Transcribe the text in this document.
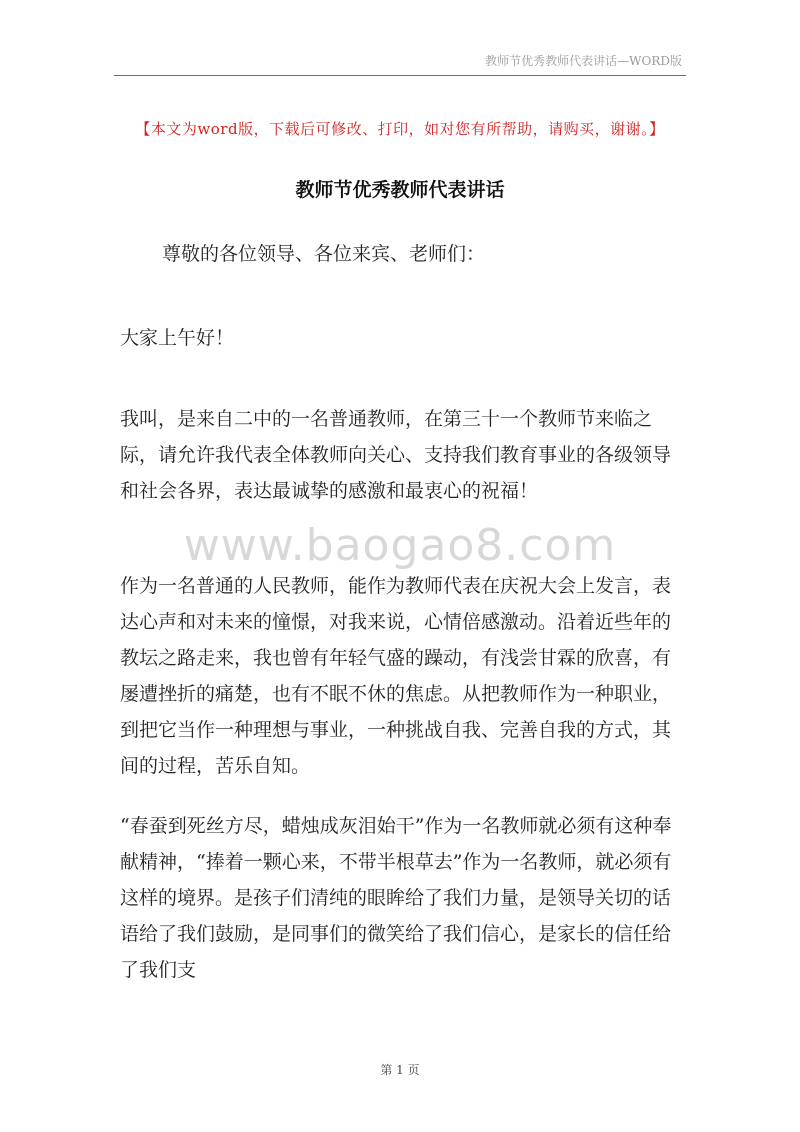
教师节优秀教师代表讲话—WORD版
【本文为word版，下载后可修改、打印，如对您有所帮助，请购买，谢谢。】
教师节优秀教师代表讲话
尊敬的各位领导、各位来宾、老师们：
大家上午好！
我叫，是来自二中的一名普通教师，在第三十一个教师节来临之际，请允许我代表全体教师向关心、支持我们教育事业的各级领导和社会各界，表达最诚挚的感激和最衷心的祝福！
作为一名普通的人民教师，能作为教师代表在庆祝大会上发言，表达心声和对未来的憧憬，对我来说，心情倍感激动。沿着近些年的教坛之路走来，我也曾有年轻气盛的躁动，有浅尝甘霖的欣喜，有屡遭挫折的痛楚，也有不眠不休的焦虑。从把教师作为一种职业，到把它当作一种理想与事业，一种挑战自我、完善自我的方式，其间的过程，苦乐自知。
“春蚕到死丝方尽，蜡烛成灰泪始干”作为一名教师就必须有这种奉献精神，“捧着一颗心来，不带半根草去”作为一名教师，就必须有这样的境界。是孩子们清纯的眼眸给了我们力量，是领导关切的话语给了我们鼓励，是同事们的微笑给了我们信心，是家长的信任给了我们支
www.baogao8.com
第 1 页
